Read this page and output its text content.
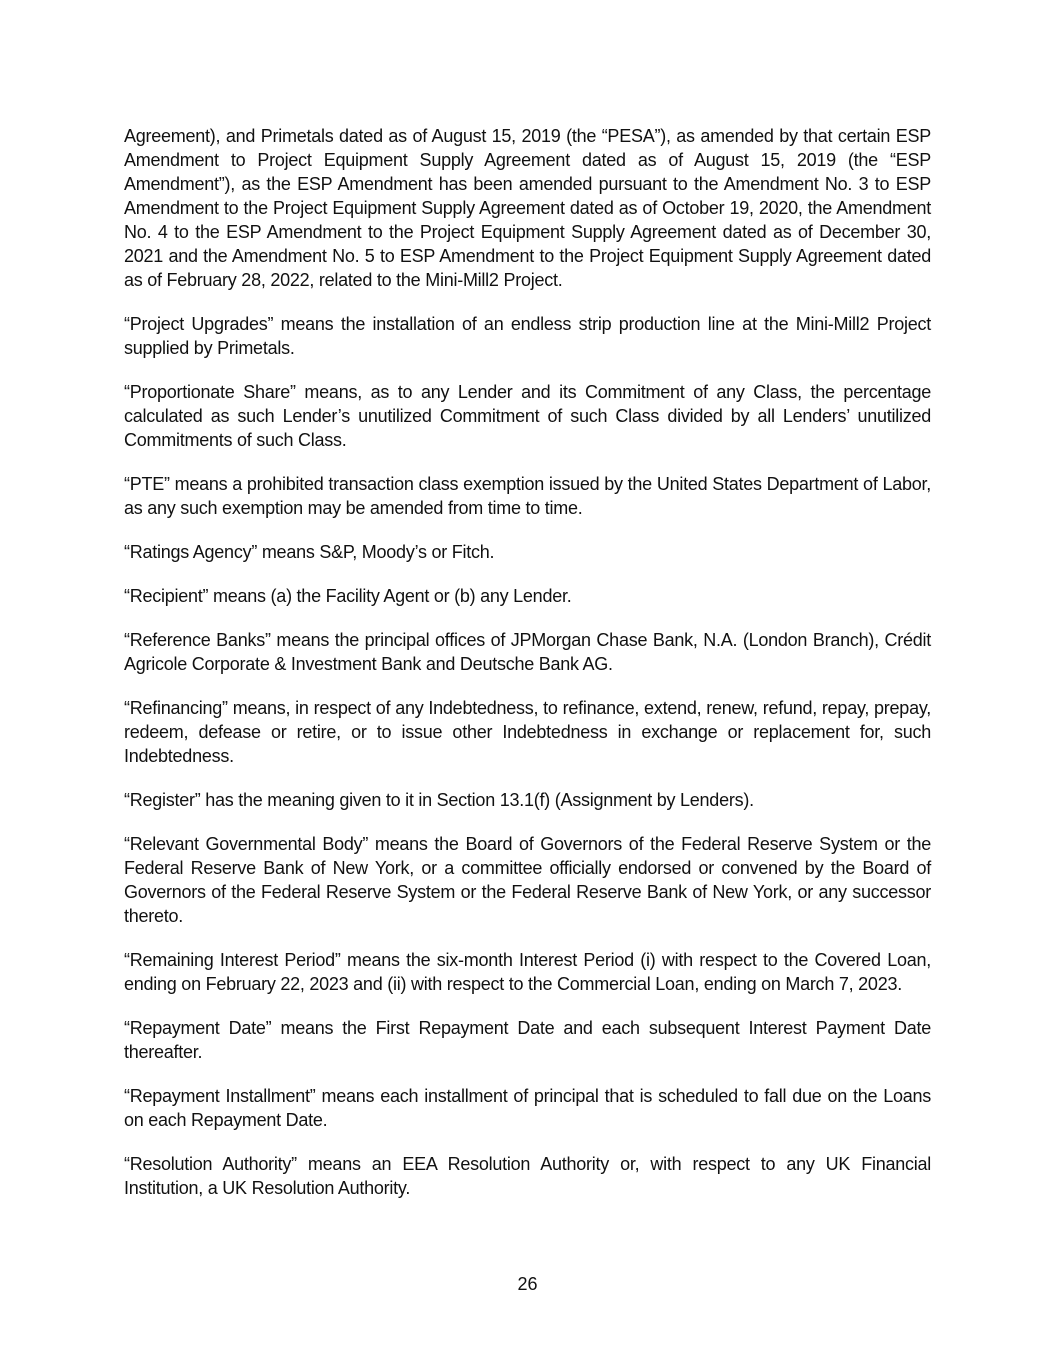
Agreement), and Primetals dated as of August 15, 2019 (the “PESA”), as amended by that certain ESP Amendment to Project Equipment Supply Agreement dated as of August 15, 2019 (the “ESP Amendment”), as the ESP Amendment has been amended pursuant to the Amendment No. 3 to ESP Amendment to the Project Equipment Supply Agreement dated as of October 19, 2020, the Amendment No. 4 to the ESP Amendment to the Project Equipment Supply Agreement dated as of December 30, 2021 and the Amendment No. 5 to ESP Amendment to the Project Equipment Supply Agreement dated as of February 28, 2022, related to the Mini-Mill2 Project.

“Project Upgrades” means the installation of an endless strip production line at the Mini-Mill2 Project supplied by Primetals.

“Proportionate Share” means, as to any Lender and its Commitment of any Class, the percentage calculated as such Lender’s unutilized Commitment of such Class divided by all Lenders’ unutilized Commitments of such Class.

“PTE” means a prohibited transaction class exemption issued by the United States Department of Labor, as any such exemption may be amended from time to time.

“Ratings Agency” means S&P, Moody’s or Fitch.

“Recipient” means (a) the Facility Agent or (b) any Lender.

“Reference Banks” means the principal offices of JPMorgan Chase Bank, N.A. (London Branch), Crédit Agricole Corporate & Investment Bank and Deutsche Bank AG.

“Refinancing” means, in respect of any Indebtedness, to refinance, extend, renew, refund, repay, prepay, redeem, defease or retire, or to issue other Indebtedness in exchange or replacement for, such Indebtedness.

“Register” has the meaning given to it in Section 13.1(f) (Assignment by Lenders).

“Relevant Governmental Body” means the Board of Governors of the Federal Reserve System or the Federal Reserve Bank of New York, or a committee officially endorsed or convened by the Board of Governors of the Federal Reserve System or the Federal Reserve Bank of New York, or any successor thereto.

“Remaining Interest Period” means the six-month Interest Period (i) with respect to the Covered Loan, ending on February 22, 2023 and (ii) with respect to the Commercial Loan, ending on March 7, 2023.

“Repayment Date” means the First Repayment Date and each subsequent Interest Payment Date thereafter.

“Repayment Installment” means each installment of principal that is scheduled to fall due on the Loans on each Repayment Date.

“Resolution Authority” means an EEA Resolution Authority or, with respect to any UK Financial Institution, a UK Resolution Authority.

26
